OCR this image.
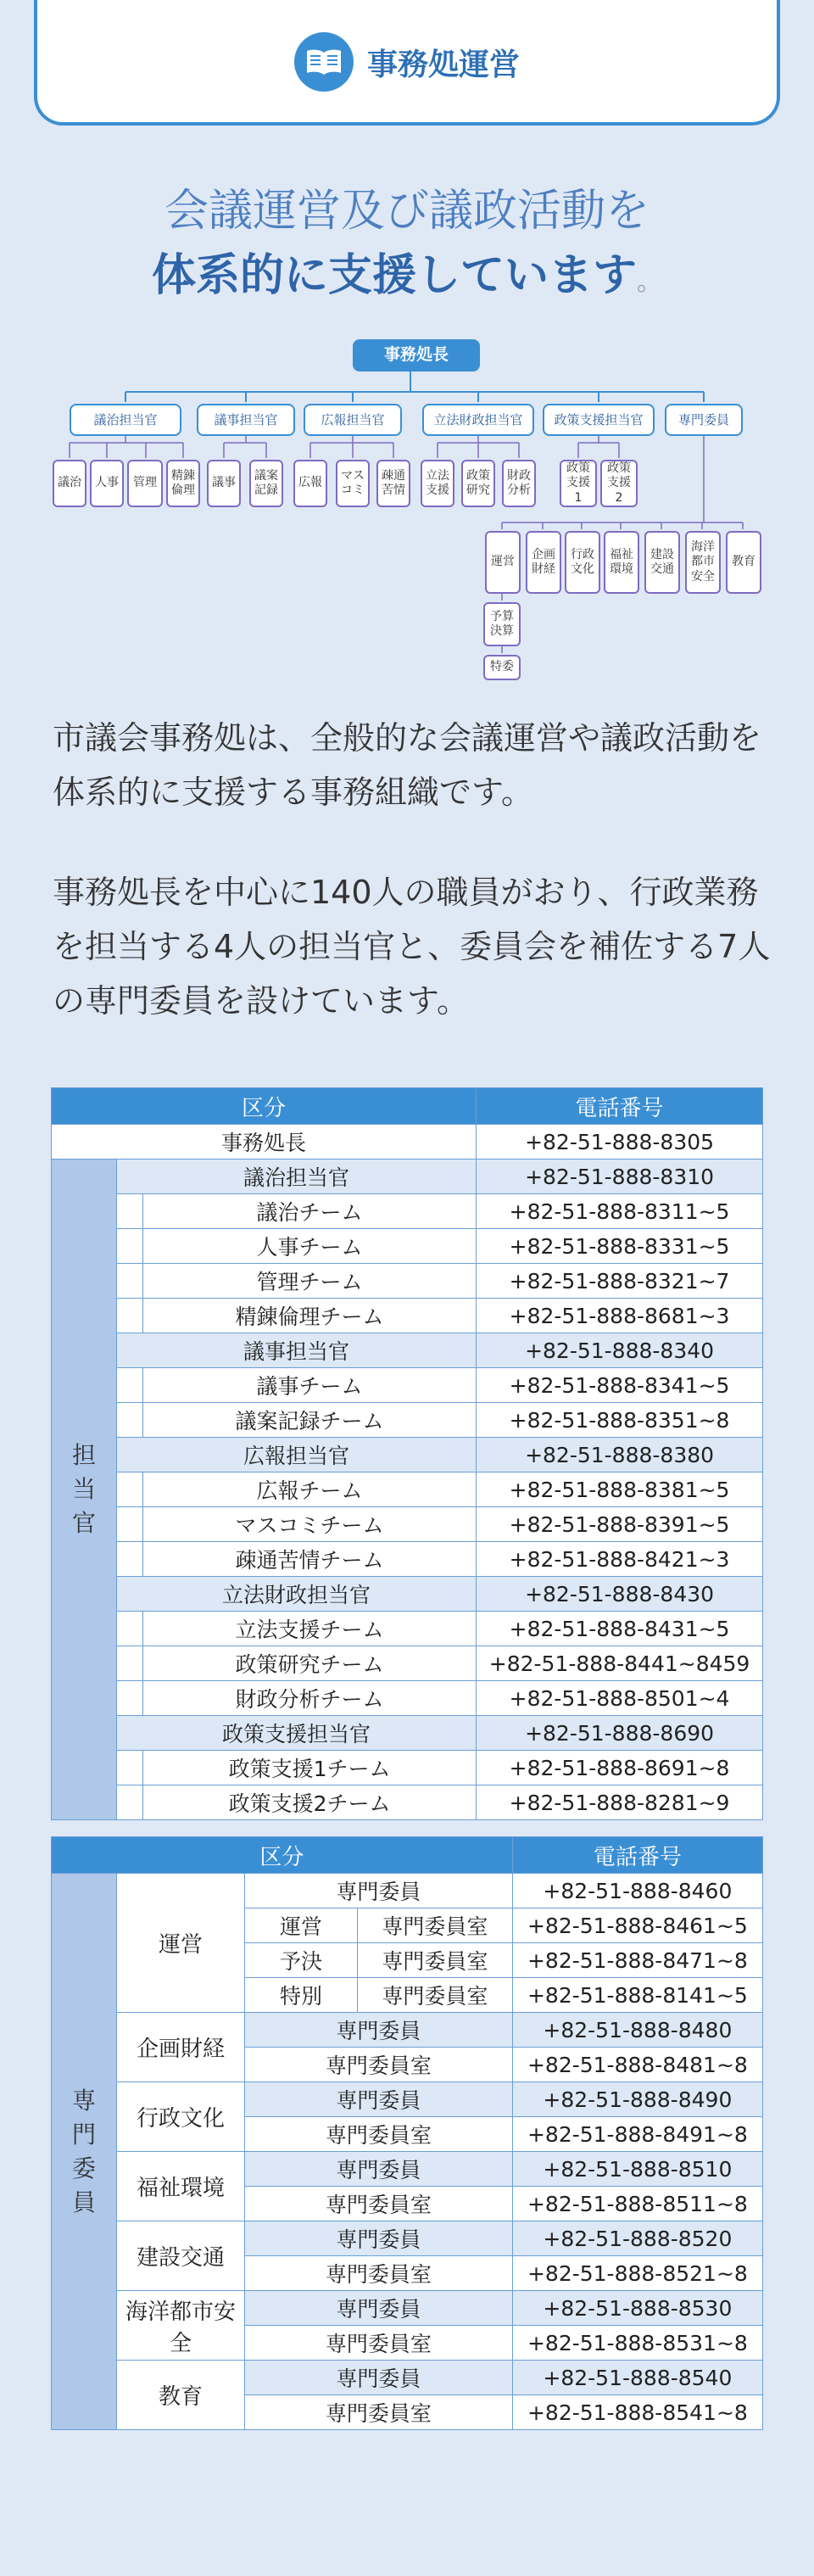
事務処運営
会議運営及び議政活動を
体系的に支援しています。
事務処長
議治担当官	議事担当官	広報担当官	立法財政担当官	政策支援担当官	専門委員
議治	人事	管理
精錬
倫理
議事
議案
記録
広報
マス
コミ
疎通
苦情
立法
支援
政策
研究
財政
分析
政策
支援
1
政策
支援
2
運営
企画
財経
行政
文化
福祉
環境
建設
交通
海洋
都市
安全
教育
予算
決算
特委
市議会事務処は、全般的な会議運営や議政活動を体系的に支援する事務組織です。
事務処長を中心に140人の職員がおり、行政業務を担当する4人の担当官と、委員会を補佐する7人の専門委員を設けています。
区分			電話番号
事務処長			+82-51-888-8305
担当官	議治担当官		+82-51-888-8310
		議治チーム	+82-51-888-8311~5
		人事チーム	+82-51-888-8331~5
		管理チーム	+82-51-888-8321~7
		精錬倫理チーム	+82-51-888-8681~3
	議事担当官		+82-51-888-8340
		議事チーム	+82-51-888-8341~5
		議案記録チーム	+82-51-888-8351~8
	広報担当官		+82-51-888-8380
		広報チーム	+82-51-888-8381~5
		マスコミチーム	+82-51-888-8391~5
		疎通苦情チーム	+82-51-888-8421~3
	立法財政担当官		+82-51-888-8430
		立法支援チーム	+82-51-888-8431~5
		政策研究チーム	+82-51-888-8441~8459
		財政分析チーム	+82-51-888-8501~4
	政策支援担当官		+82-51-888-8690
		政策支援1チーム	+82-51-888-8691~8
		政策支援2チーム	+82-51-888-8281~9
区分			電話番号
専門委員	運営	専門委員	+82-51-888-8460

運営 専門委員室	+82-51-888-8461~5

予決 専門委員室	+82-51-888-8471~8

特別 専門委員室	+82-51-888-8141~5
	企画財経	専門委員	+82-51-888-8480
		専門委員室	+82-51-888-8481~8
	行政文化	専門委員	+82-51-888-8490
		専門委員室	+82-51-888-8491~8
	福祉環境	専門委員	+82-51-888-8510
		専門委員室	+82-51-888-8511~8
	建設交通	専門委員	+82-51-888-8520
		専門委員室	+82-51-888-8521~8
	海洋都市安全	専門委員	+82-51-888-8530
		専門委員室	+82-51-888-8531~8
	教育	専門委員	+82-51-888-8540
		専門委員室	+82-51-888-8541~8
